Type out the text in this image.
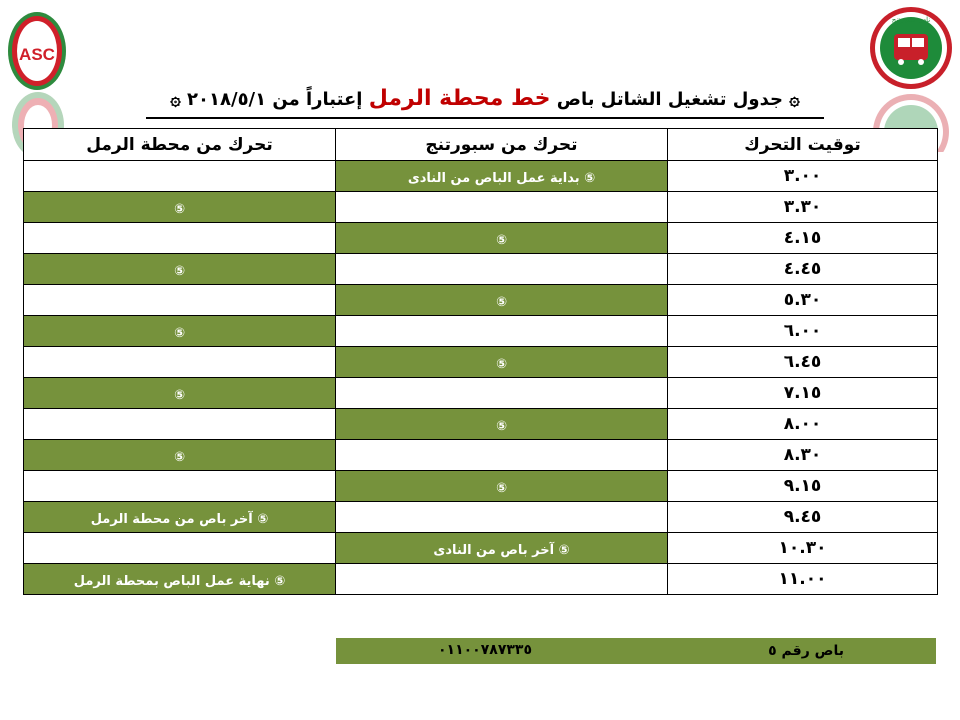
ASC
نادي سبورتنج
۞ جدول تشغيل الشاتل باص خط محطة الرمل إعتباراً من ٢٠١٨/٥/١ ۞
توقيت التحرك	تحرك من سبورتنج	تحرك من محطة الرمل
٣.٠٠	⑤ بداية عمل الباص من النادى	
٣.٣٠		⑤
٤.١٥	⑤	
٤.٤٥		⑤
٥.٣٠	⑤	
٦.٠٠		⑤
٦.٤٥	⑤	
٧.١٥		⑤
٨.٠٠	⑤	
٨.٣٠		⑤
٩.١٥	⑤	
٩.٤٥		⑤ آخر باص من محطة الرمل
١٠.٣٠	⑤ آخر باص من النادى	
١١.٠٠		⑤ نهاية عمل الباص بمحطة الرمل
باص رقم ٥
٠١١٠٠٧٨٧٣٣٥
